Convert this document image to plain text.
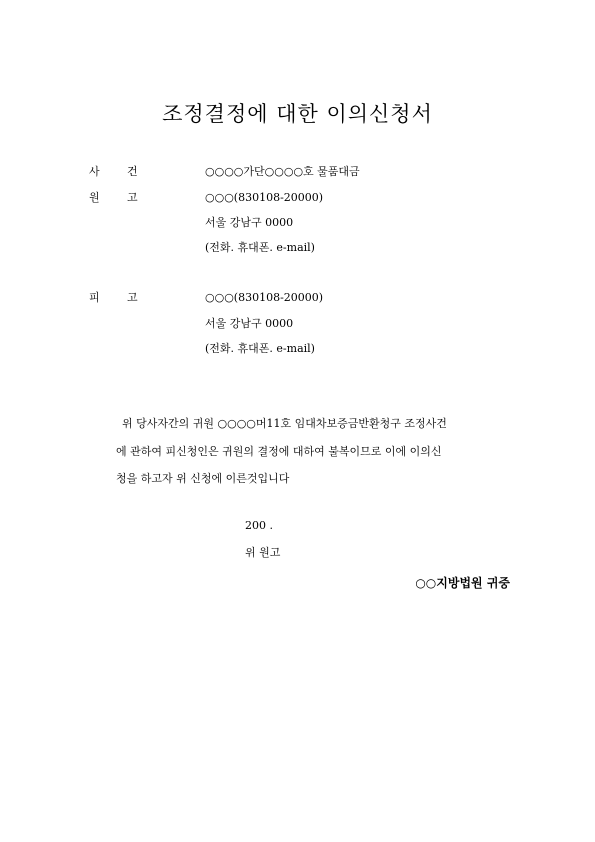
조정결정에 대한 이의신청서
사 건	○○○○가단○○○○호 물품대금
원 고	○○○(830108-20000)
서울 강남구 0000
(전화. 휴대폰. e-mail)
피 고	○○○(830108-20000)
서울 강남구 0000
(전화. 휴대폰. e-mail)
위 당사자간의 귀원 ○○○○머11호 임대차보증금반환청구 조정사건
에 관하여 피신청인은 귀원의 결정에 대하여 불복이므로 이에 이의신
청을 하고자 위 신청에 이른것입니다
200 .
위 원고
○○지방법원 귀중
